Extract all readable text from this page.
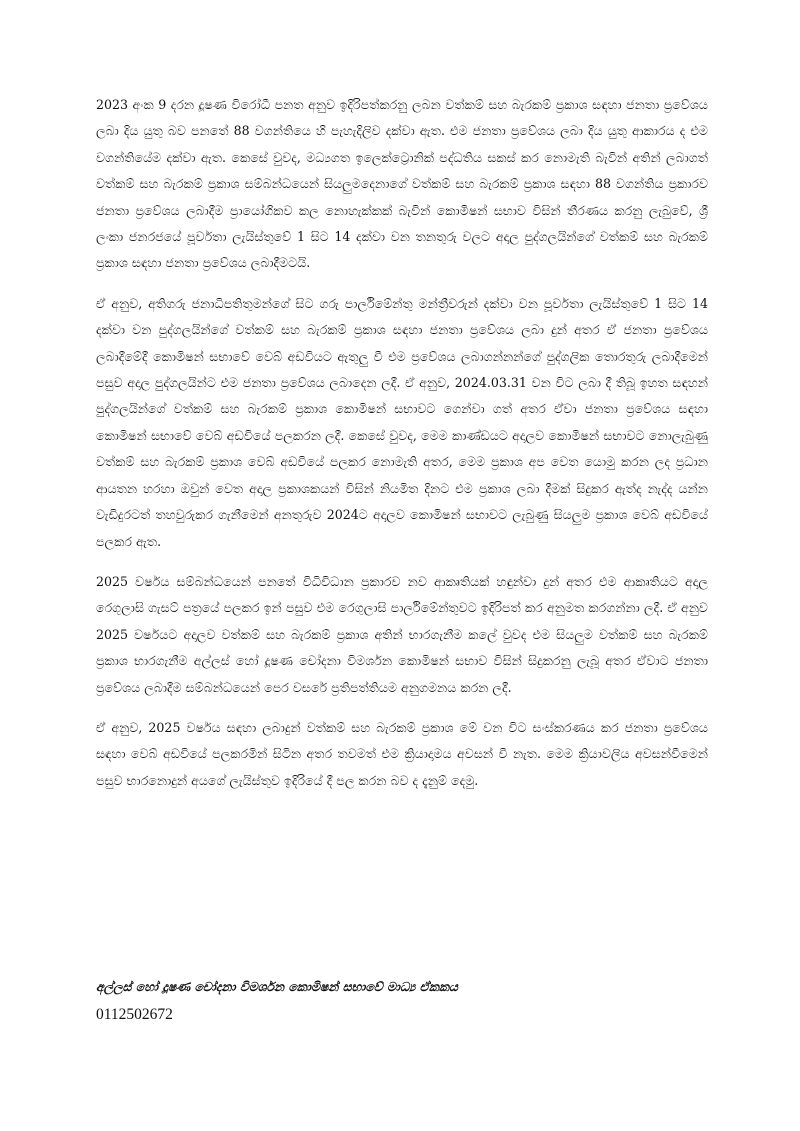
2023 අංක 9 දරන දූෂණ විරෝධී පනත අනුව ඉදිරිපත්කරනු ලබන වත්කම් සහ බැරකම් ප්‍රකාශ සඳහා ජනතා ප්‍රවේශය ලබා දිය යුතු බව පනතේ 88 වගන්තියෙ හි පැහැදිලිව දක්වා ඇත. එම ජනතා ප්‍රවේශය ලබා දිය යුතු ආකාරය ද එම වගන්තියේම දක්වා ඇත. කෙසේ වුවද, මධ්‍යගත ඉලෙක්ට්‍රොනික් පද්ධතිය සකස් කර නොමැති බැවින් අතින් ලබාගත් වත්කම් සහ බැරකම් ප්‍රකාශ සම්බන්ධයෙන් සියලුමදෙනාගේ වත්කම් සහ බැරකම් ප්‍රකාශ සඳහා 88 වගන්තිය ප්‍රකාරව ජනතා ප්‍රවේශය ලබාදීම ප්‍රායෝගිකව කල නොහැක්කක් බැවින් කොමිෂන් සභාව විසින් තීරණය කරනු ලැබුවේ, ශ්‍රී ලංකා ජනරජයේ පූර්වතා ලැයිස්තුවේ 1 සිට 14 දක්වා වන තනතුරු වලට අදාල පුද්ගලයින්ගේ වත්කම් සහ බැරකම් ප්‍රකාශ සඳහා ජනතා ප්‍රවේශය ලබාදීමටයි.

ඒ අනුව, අතිගරු ජනාධිපතිතුමන්ගේ සිට ගරු පාර්ලිමේන්තු මන්ත්‍රීවරුන් දක්වා වන පූර්වතා ලැයිස්තුවේ 1 සිට 14 දක්වා වන පුද්ගලයින්ගේ වත්කම් සහ බැරකම් ප්‍රකාශ සඳහා ජනතා ප්‍රවේශය ලබා දුන් අතර ඒ ජනතා ප්‍රවේශය ලබාදීමේදී කොමිෂන් සභාවේ වෙබ් අඩවියට ඇතුලු වී එම ප්‍රවේශය ලබාගන්නන්ගේ පුද්ගලික තොරතුරු ලබාදීමෙන් පසුව අදාල පුද්ගලයින්ට එම ජනතා ප්‍රවේශය ලබාදෙන ලදී. ඒ අනුව, 2024.03.31 වන විට ලබා දී තිබූ ඉහත සඳහන් පුද්ගලයින්ගේ වත්කම් සහ බැරකම් ප්‍රකාශ කොමිෂන් සභාවට ගෙන්වා ගත් අතර ඒවා ජනතා ප්‍රවේශය සඳහා කොමිෂන් සභාවේ වෙබ් අඩවියේ පලකරන ලදී. කෙසේ වුවද, මෙම කාණ්ඩයට අදාලව කොමිෂන් සභාවට නොලැබුණු වත්කම් සහ බැරකම් ප්‍රකාශ වෙබ් අඩවියේ පලකර නොමැති අතර, මෙම ප්‍රකාශ අප වෙත යොමු කරන ලද ප්‍රධාන ආයතන හරහා ඔවුන් වෙත අදාල ප්‍රකාශකයන් විසින් නියමිත දිනට එම ප්‍රකාශ ලබා දීමක් සිදුකර ඇත්ද නැද්ද යන්න වැඩිදුරටත් තහවුරුකර ගැනීමෙන් අනතුරුව 2024ට අදාලව කොමිෂන් සභාවට ලැබුණු සියලුම ප්‍රකාශ වෙබ් අඩවියේ පලකර ඇත.

2025 වර්ෂය සම්බන්ධයෙන් පනතේ විධිවිධාන ප්‍රකාරව නව ආකෘතියක් හඳුන්වා දුන් අතර එම ආකෘතියට අදාල රෙගුලාසි ගැසට් පත්‍රයේ පලකර ඉන් පසුව එම රෙගුලාසි පාර්ලිමේන්තුවට ඉදිරිපත් කර අනුමත කරගන්නා ලදී. ඒ අනුව 2025 වර්ෂයට අදාලව වත්කම් සහ බැරකම් ප්‍රකාශ අතින් භාරගැනීම කලේ වුවද එම සියලුම වත්කම් සහ බැරකම් ප්‍රකාශ භාරගැනීම අල්ලස් හෝ දූෂණ චෝදනා විමර්ශන කොමිෂන් සභාව විසින් සිදුකරනු ලැබූ අතර ඒවාට ජනතා ප්‍රවේශය ලබාදීම සම්බන්ධයෙන් පෙර වසරේ ප්‍රතිපත්තියම අනුගමනය කරන ලදී.

ඒ අනුව, 2025 වර්ෂය සඳහා ලබාදුන් වත්කම් සහ බැරකම් ප්‍රකාශ මේ වන විට සංස්කරණය කර ජනතා ප්‍රවේශය සඳහා වෙබ් අඩවියේ පලකරමින් සිටින අතර තවමත් එම ක්‍රියාදාමය අවසන් වී නැත. මෙම ක්‍රියාවලිය අවසන්වීමෙන් පසුව භාරනොදුන් අයගේ ලැයිස්තුව ඉදිරියේ දී පල කරන බව ද දැනුම් දෙමු.

අල්ලස් හෝ දූෂණ චෝදනා විමර්ශන කොමිෂන් සභාවේ මාධ්‍ය ඒකකය

0112502672
